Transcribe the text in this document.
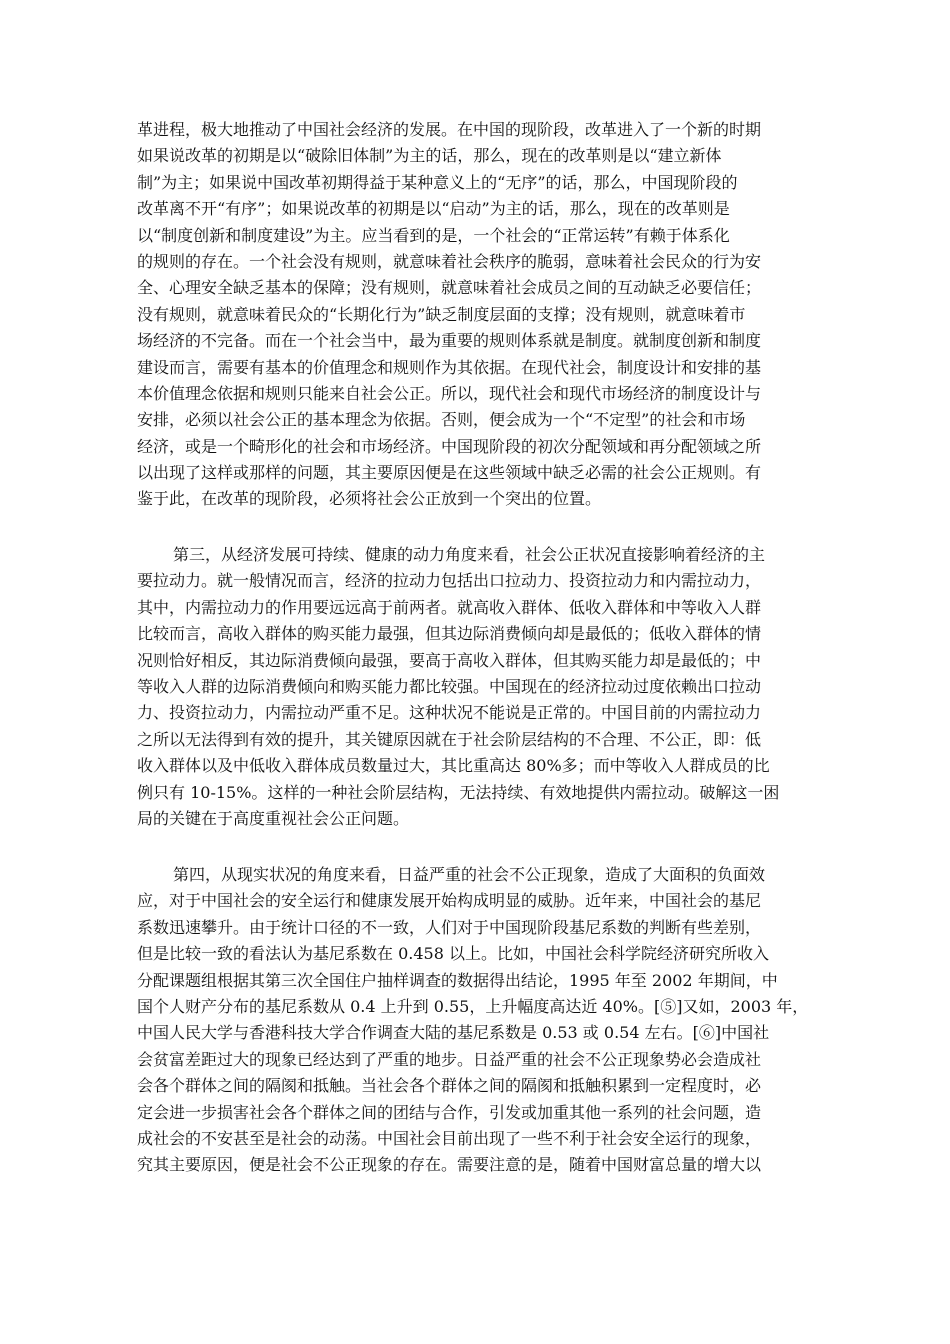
革进程，极大地推动了中国社会经济的发展。在中国的现阶段，改革进入了一个新的时期
如果说改革的初期是以“破除旧体制”为主的话，那么，现在的改革则是以“建立新体
制”为主；如果说中国改革初期得益于某种意义上的“无序”的话，那么，中国现阶段的
改革离不开“有序”；如果说改革的初期是以“启动”为主的话，那么，现在的改革则是
以“制度创新和制度建设”为主。应当看到的是，一个社会的“正常运转”有赖于体系化
的规则的存在。一个社会没有规则，就意味着社会秩序的脆弱，意味着社会民众的行为安
全、心理安全缺乏基本的保障；没有规则，就意味着社会成员之间的互动缺乏必要信任；
没有规则，就意味着民众的“长期化行为”缺乏制度层面的支撑；没有规则，就意味着市
场经济的不完备。而在一个社会当中，最为重要的规则体系就是制度。就制度创新和制度
建设而言，需要有基本的价值理念和规则作为其依据。在现代社会，制度设计和安排的基
本价值理念依据和规则只能来自社会公正。所以，现代社会和现代市场经济的制度设计与
安排，必须以社会公正的基本理念为依据。否则，便会成为一个“不定型”的社会和市场
经济，或是一个畸形化的社会和市场经济。中国现阶段的初次分配领域和再分配领域之所
以出现了这样或那样的问题，其主要原因便是在这些领域中缺乏必需的社会公正规则。有
鉴于此，在改革的现阶段，必须将社会公正放到一个突出的位置。
第三，从经济发展可持续、健康的动力角度来看，社会公正状况直接影响着经济的主
要拉动力。就一般情况而言，经济的拉动力包括出口拉动力、投资拉动力和内需拉动力，
其中，内需拉动力的作用要远远高于前两者。就高收入群体、低收入群体和中等收入人群
比较而言，高收入群体的购买能力最强，但其边际消费倾向却是最低的；低收入群体的情
况则恰好相反，其边际消费倾向最强，要高于高收入群体，但其购买能力却是最低的；中
等收入人群的边际消费倾向和购买能力都比较强。中国现在的经济拉动过度依赖出口拉动
力、投资拉动力，内需拉动严重不足。这种状况不能说是正常的。中国目前的内需拉动力
之所以无法得到有效的提升，其关键原因就在于社会阶层结构的不合理、不公正，即：低
收入群体以及中低收入群体成员数量过大，其比重高达 80%多；而中等收入人群成员的比
例只有 10-15%。这样的一种社会阶层结构，无法持续、有效地提供内需拉动。破解这一困
局的关键在于高度重视社会公正问题。
第四，从现实状况的角度来看，日益严重的社会不公正现象，造成了大面积的负面效
应，对于中国社会的安全运行和健康发展开始构成明显的威胁。近年来，中国社会的基尼
系数迅速攀升。由于统计口径的不一致，人们对于中国现阶段基尼系数的判断有些差别，
但是比较一致的看法认为基尼系数在 0.458 以上。比如，中国社会科学院经济研究所收入
分配课题组根据其第三次全国住户抽样调查的数据得出结论，1995 年至 2002 年期间，中
国个人财产分布的基尼系数从 0.4 上升到 0.55，上升幅度高达近 40%。[⑤]又如，2003 年，
中国人民大学与香港科技大学合作调查大陆的基尼系数是 0.53 或 0.54 左右。[⑥]中国社
会贫富差距过大的现象已经达到了严重的地步。日益严重的社会不公正现象势必会造成社
会各个群体之间的隔阂和抵触。当社会各个群体之间的隔阂和抵触积累到一定程度时，必
定会进一步损害社会各个群体之间的团结与合作，引发或加重其他一系列的社会问题，造
成社会的不安甚至是社会的动荡。中国社会目前出现了一些不利于社会安全运行的现象，
究其主要原因，便是社会不公正现象的存在。需要注意的是，随着中国财富总量的增大以
